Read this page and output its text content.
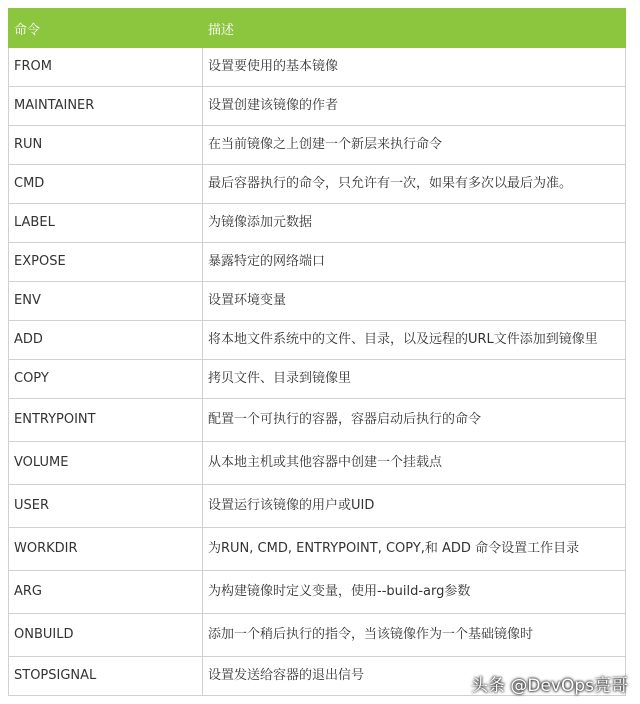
命令	描述
FROM	设置要使用的基本镜像
MAINTAINER	设置创建该镜像的作者
RUN	在当前镜像之上创建一个新层来执行命令
CMD	最后容器执行的命令，只允许有一次，如果有多次以最后为准。
LABEL	为镜像添加元数据
EXPOSE	暴露特定的网络端口
ENV	设置环境变量
ADD	将本地文件系统中的文件、目录，以及远程的URL文件添加到镜像里
COPY	拷贝文件、目录到镜像里
ENTRYPOINT	配置一个可执行的容器，容器启动后执行的命令
VOLUME	从本地主机或其他容器中创建一个挂载点
USER	设置运行该镜像的用户或UID
WORKDIR	为RUN, CMD, ENTRYPOINT, COPY,和 ADD 命令设置工作目录
ARG	为构建镜像时定义变量，使用--build-arg参数
ONBUILD	添加一个稍后执行的指令，当该镜像作为一个基础镜像时
STOPSIGNAL	设置发送给容器的退出信号
头条 @DevOps亮哥
